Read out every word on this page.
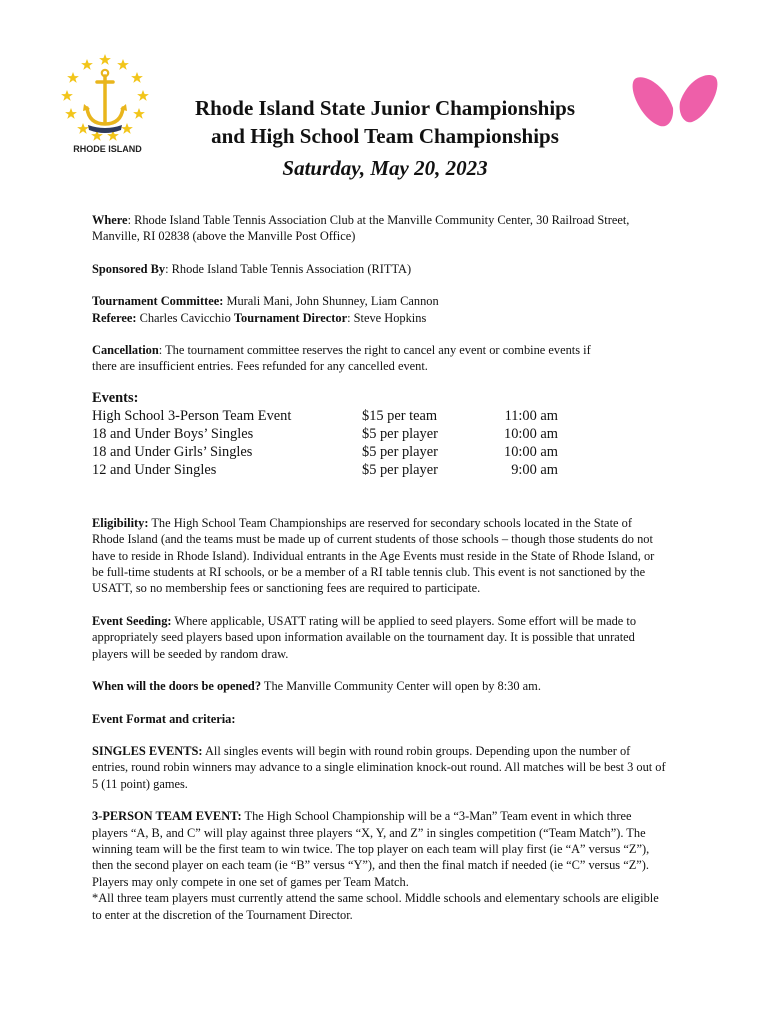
RHODE ISLAND
Rhode Island State Junior Championships
and High School Team Championships
Saturday, May 20, 2023

Where: Rhode Island Table Tennis Association Club at the Manville Community Center, 30 Railroad Street, Manville, RI 02838 (above the Manville Post Office)

Sponsored By: Rhode Island Table Tennis Association (RITTA)

Tournament Committee: Murali Mani, John Shunney, Liam Cannon

Referee: Charles Cavicchio Tournament Director: Steve Hopkins

Cancellation: The tournament committee reserves the right to cancel any event or combine events if there are insufficient entries. Fees refunded for any cancelled event.

Events:
High School 3-Person Team Event	$15 per team	11:00 am
18 and Under Boys’ Singles	$5 per player	10:00 am
18 and Under Girls’ Singles	$5 per player	10:00 am
12 and Under Singles	$5 per player	9:00 am

Eligibility: The High School Team Championships are reserved for secondary schools located in the State of Rhode Island (and the teams must be made up of current students of those schools – though those students do not have to reside in Rhode Island). Individual entrants in the Age Events must reside in the State of Rhode Island, or be full-time students at RI schools, or be a member of a RI table tennis club. This event is not sanctioned by the USATT, so no membership fees or sanctioning fees are required to participate.

Event Seeding: Where applicable, USATT rating will be applied to seed players. Some effort will be made to appropriately seed players based upon information available on the tournament day. It is possible that unrated players will be seeded by random draw.

When will the doors be opened? The Manville Community Center will open by 8:30 am.

Event Format and criteria:

SINGLES EVENTS: All singles events will begin with round robin groups. Depending upon the number of entries, round robin winners may advance to a single elimination knock-out round. All matches will be best 3 out of 5 (11 point) games.

3-PERSON TEAM EVENT: The High School Championship will be a “3-Man” Team event in which three players “A, B, and C” will play against three players “X, Y, and Z” in singles competition (“Team Match”). The winning team will be the first team to win twice. The top player on each team will play first (ie “A” versus “Z”), then the second player on each team (ie “B” versus “Y”), and then the final match if needed (ie “C” versus “Z”). Players may only compete in one set of games per Team Match.

*All three team players must currently attend the same school. Middle schools and elementary schools are eligible to enter at the discretion of the Tournament Director.
